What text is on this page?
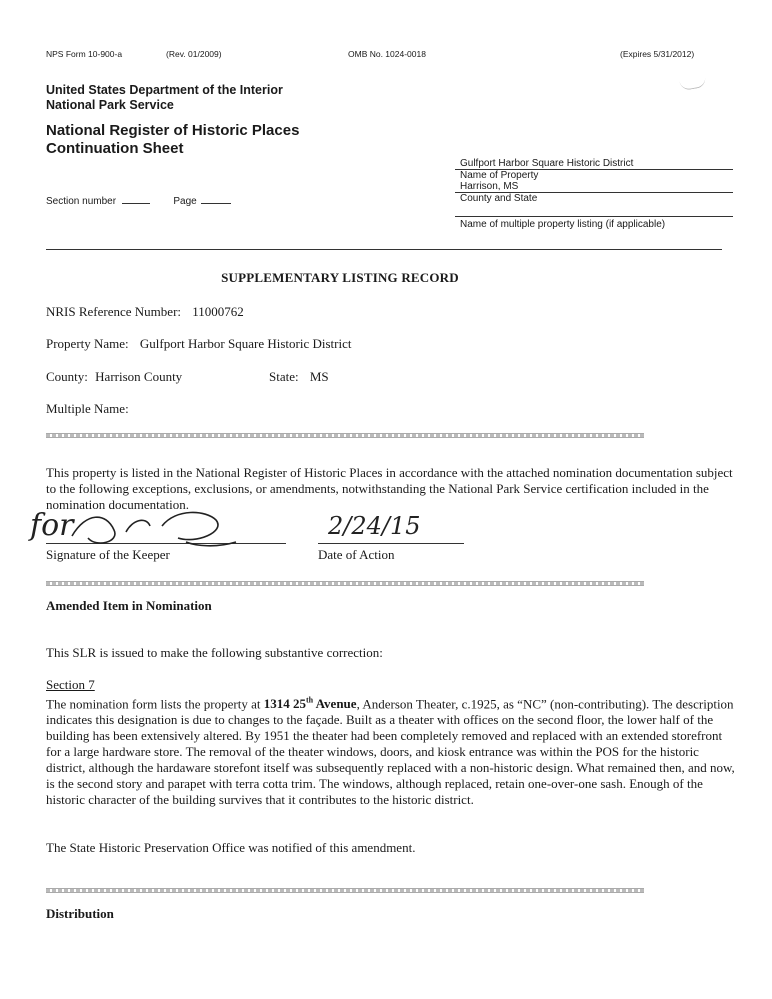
NPS Form 10-900-a	(Rev. 01/2009)	OMB No. 1024-0018	(Expires 5/31/2012)
United States Department of the Interior
National Park Service
National Register of Historic Places
Continuation Sheet
Section number	Page
Gulfport Harbor Square Historic District
Name of Property
Harrison, MS
County and State
Name of multiple property listing (if applicable)
SUPPLEMENTARY LISTING RECORD
NRIS Reference Number: 11000762
Property Name: Gulfport Harbor Square Historic District
County: Harrison County	State: MS
Multiple Name:
This property is listed in the National Register of Historic Places in accordance with the attached nomination documentation subject to the following exceptions, exclusions, or amendments, notwithstanding the National Park Service certification included in the nomination documentation.
for
Signature of the Keeper
2/24/15
Date of Action
Amended Item in Nomination
This SLR is issued to make the following substantive correction:
Section 7
The nomination form lists the property at 1314 25th Avenue, Anderson Theater, c.1925, as “NC” (non-contributing). The description indicates this designation is due to changes to the façade. Built as a theater with offices on the second floor, the lower half of the building has been extensively altered. By 1951 the theater had been completely removed and replaced with an extended storefront for a large hardware store. The removal of the theater windows, doors, and kiosk entrance was within the POS for the historic district, although the hardaware storefont itself was subsequently replaced with a non-historic design. What remained then, and now, is the second story and parapet with terra cotta trim. The windows, although replaced, retain one-over-one sash. Enough of the historic character of the building survives that it contributes to the historic district.
The State Historic Preservation Office was notified of this amendment.
Distribution
